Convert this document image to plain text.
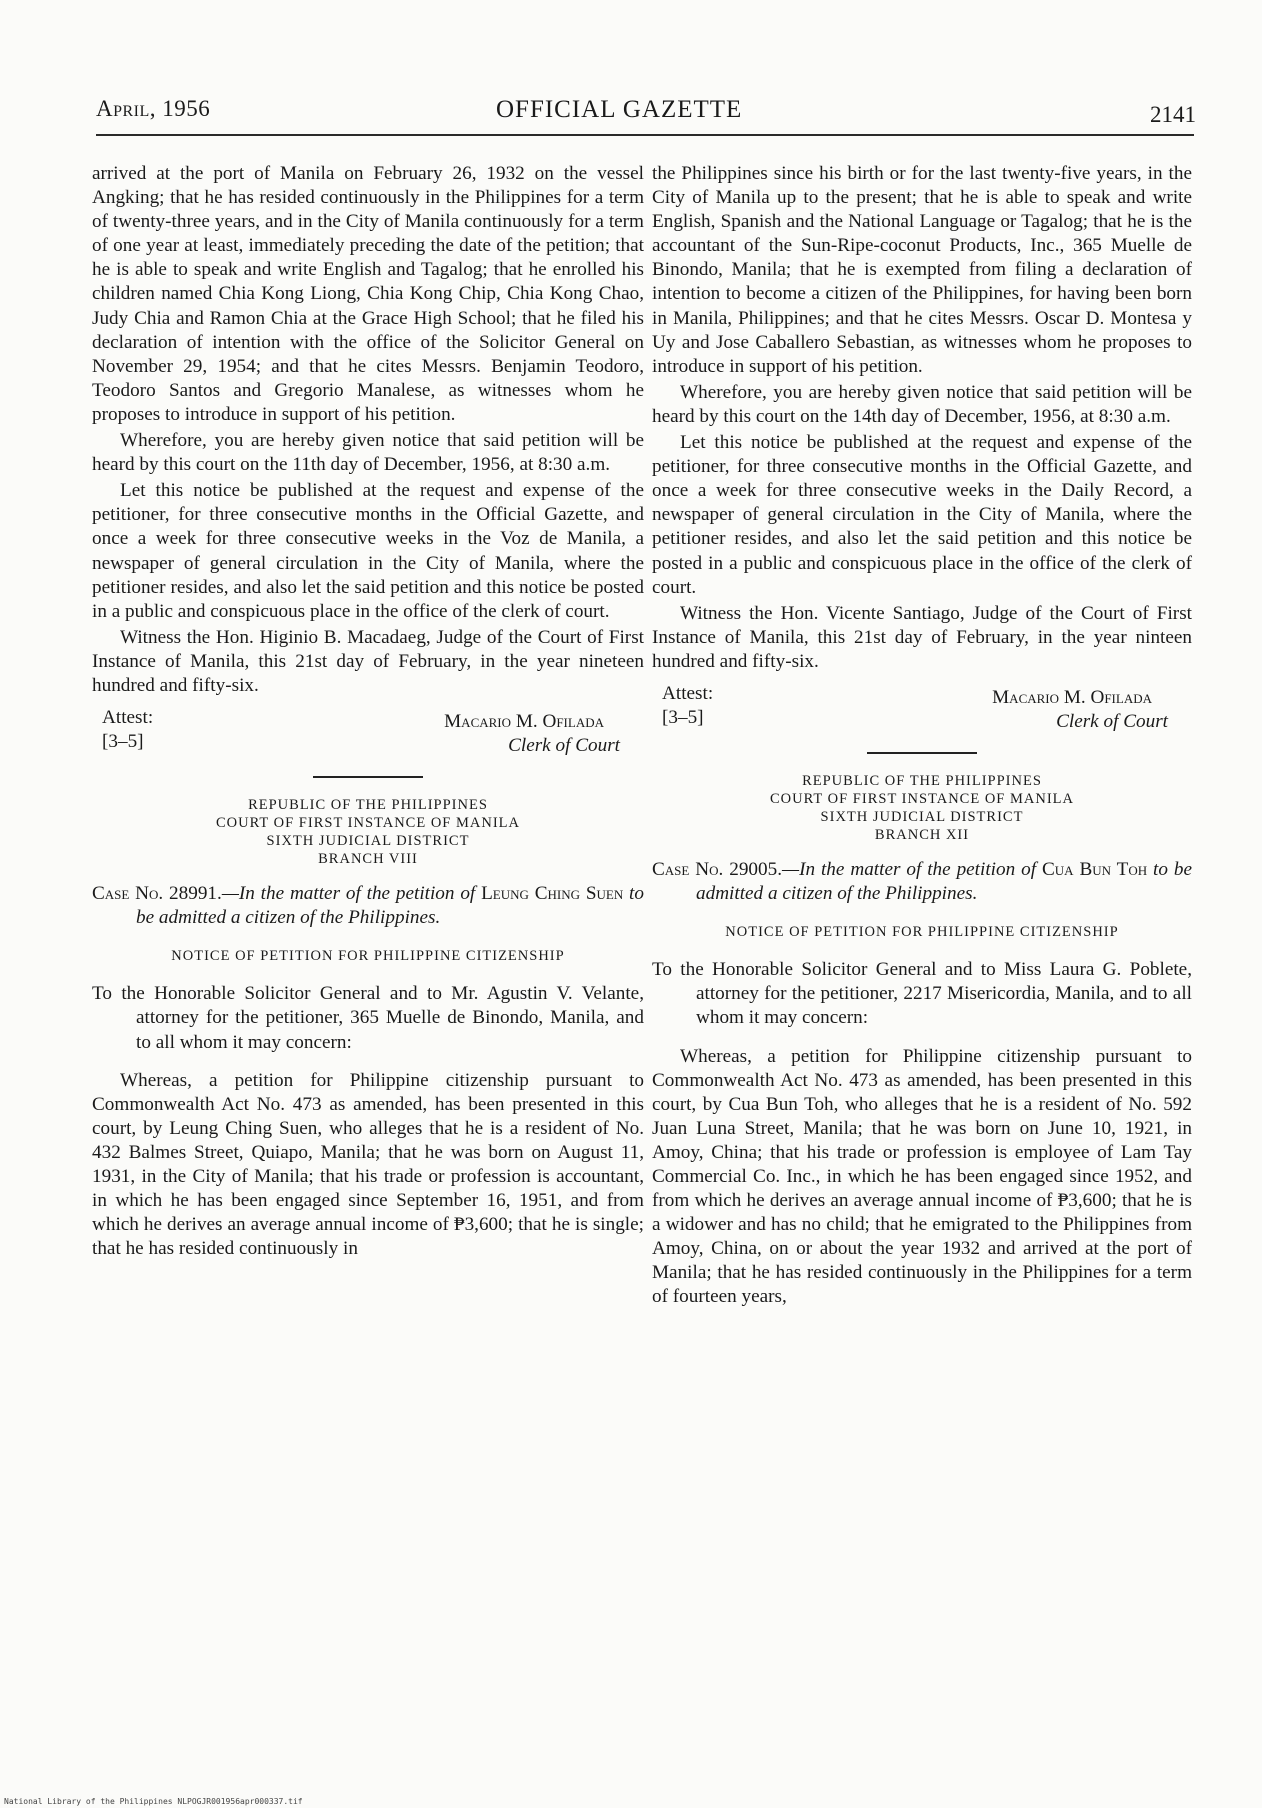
April, 1956	OFFICIAL GAZETTE	2141

arrived at the port of Manila on February 26, 1932 on the vessel Angking; that he has resided continuously in the Philippines for a term of twenty-three years, and in the City of Manila continuously for a term of one year at least, immediately preceding the date of the petition; that he is able to speak and write English and Tagalog; that he enrolled his children named Chia Kong Liong, Chia Kong Chip, Chia Kong Chao, Judy Chia and Ramon Chia at the Grace High School; that he filed his declaration of intention with the office of the Solicitor General on November 29, 1954; and that he cites Messrs. Benjamin Teodoro, Teodoro Santos and Gregorio Manalese, as witnesses whom he proposes to introduce in support of his petition.

Wherefore, you are hereby given notice that said petition will be heard by this court on the 11th day of December, 1956, at 8:30 a.m.

Let this notice be published at the request and expense of the petitioner, for three consecutive months in the Official Gazette, and once a week for three consecutive weeks in the Voz de Manila, a newspaper of general circulation in the City of Manila, where the petitioner resides, and also let the said petition and this notice be posted in a public and conspicuous place in the office of the clerk of court.

Witness the Hon. Higinio B. Macadaeg, Judge of the Court of First Instance of Manila, this 21st day of February, in the year nineteen hundred and fifty-six.

Attest:
[3–5]
Macario M. Ofilada
Clerk of Court
REPUBLIC OF THE PHILIPPINES
COURT OF FIRST INSTANCE OF MANILA
SIXTH JUDICIAL DISTRICT
BRANCH VIII

Case No. 28991.—In the matter of the petition of Leung Ching Suen to be admitted a citizen of the Philippines.

NOTICE OF PETITION FOR PHILIPPINE CITIZENSHIP

To the Honorable Solicitor General and to Mr. Agustin V. Velante, attorney for the petitioner, 365 Muelle de Binondo, Manila, and to all whom it may concern:

Whereas, a petition for Philippine citizenship pursuant to Commonwealth Act No. 473 as amended, has been presented in this court, by Leung Ching Suen, who alleges that he is a resident of No. 432 Balmes Street, Quiapo, Manila; that he was born on August 11, 1931, in the City of Manila; that his trade or profession is accountant, in which he has been engaged since September 16, 1951, and from which he derives an average annual income of ₱3,600; that he is single; that he has resided continuously in

the Philippines since his birth or for the last twenty-five years, in the City of Manila up to the present; that he is able to speak and write English, Spanish and the National Language or Tagalog; that he is the accountant of the Sun-Ripe-coconut Products, Inc., 365 Muelle de Binondo, Manila; that he is exempted from filing a declaration of intention to become a citizen of the Philippines, for having been born in Manila, Philippines; and that he cites Messrs. Oscar D. Montesa y Uy and Jose Caballero Sebastian, as witnesses whom he proposes to introduce in support of his petition.

Wherefore, you are hereby given notice that said petition will be heard by this court on the 14th day of December, 1956, at 8:30 a.m.

Let this notice be published at the request and expense of the petitioner, for three consecutive months in the Official Gazette, and once a week for three consecutive weeks in the Daily Record, a newspaper of general circulation in the City of Manila, where the petitioner resides, and also let the said petition and this notice be posted in a public and conspicuous place in the office of the clerk of court.

Witness the Hon. Vicente Santiago, Judge of the Court of First Instance of Manila, this 21st day of February, in the year ninteen hundred and fifty-six.

Attest:
[3–5]
Macario M. Ofilada
Clerk of Court
REPUBLIC OF THE PHILIPPINES
COURT OF FIRST INSTANCE OF MANILA
SIXTH JUDICIAL DISTRICT
BRANCH XII

Case No. 29005.—In the matter of the petition of Cua Bun Toh to be admitted a citizen of the Philippines.

NOTICE OF PETITION FOR PHILIPPINE CITIZENSHIP

To the Honorable Solicitor General and to Miss Laura G. Poblete, attorney for the petitioner, 2217 Misericordia, Manila, and to all whom it may concern:

Whereas, a petition for Philippine citizenship pursuant to Commonwealth Act No. 473 as amended, has been presented in this court, by Cua Bun Toh, who alleges that he is a resident of No. 592 Juan Luna Street, Manila; that he was born on June 10, 1921, in Amoy, China; that his trade or profession is employee of Lam Tay Commercial Co. Inc., in which he has been engaged since 1952, and from which he derives an average annual income of ₱3,600; that he is a widower and has no child; that he emigrated to the Philippines from Amoy, China, on or about the year 1932 and arrived at the port of Manila; that he has resided continuously in the Philippines for a term of fourteen years,

National Library of the Philippines NLPOGJR001956apr000337.tif
